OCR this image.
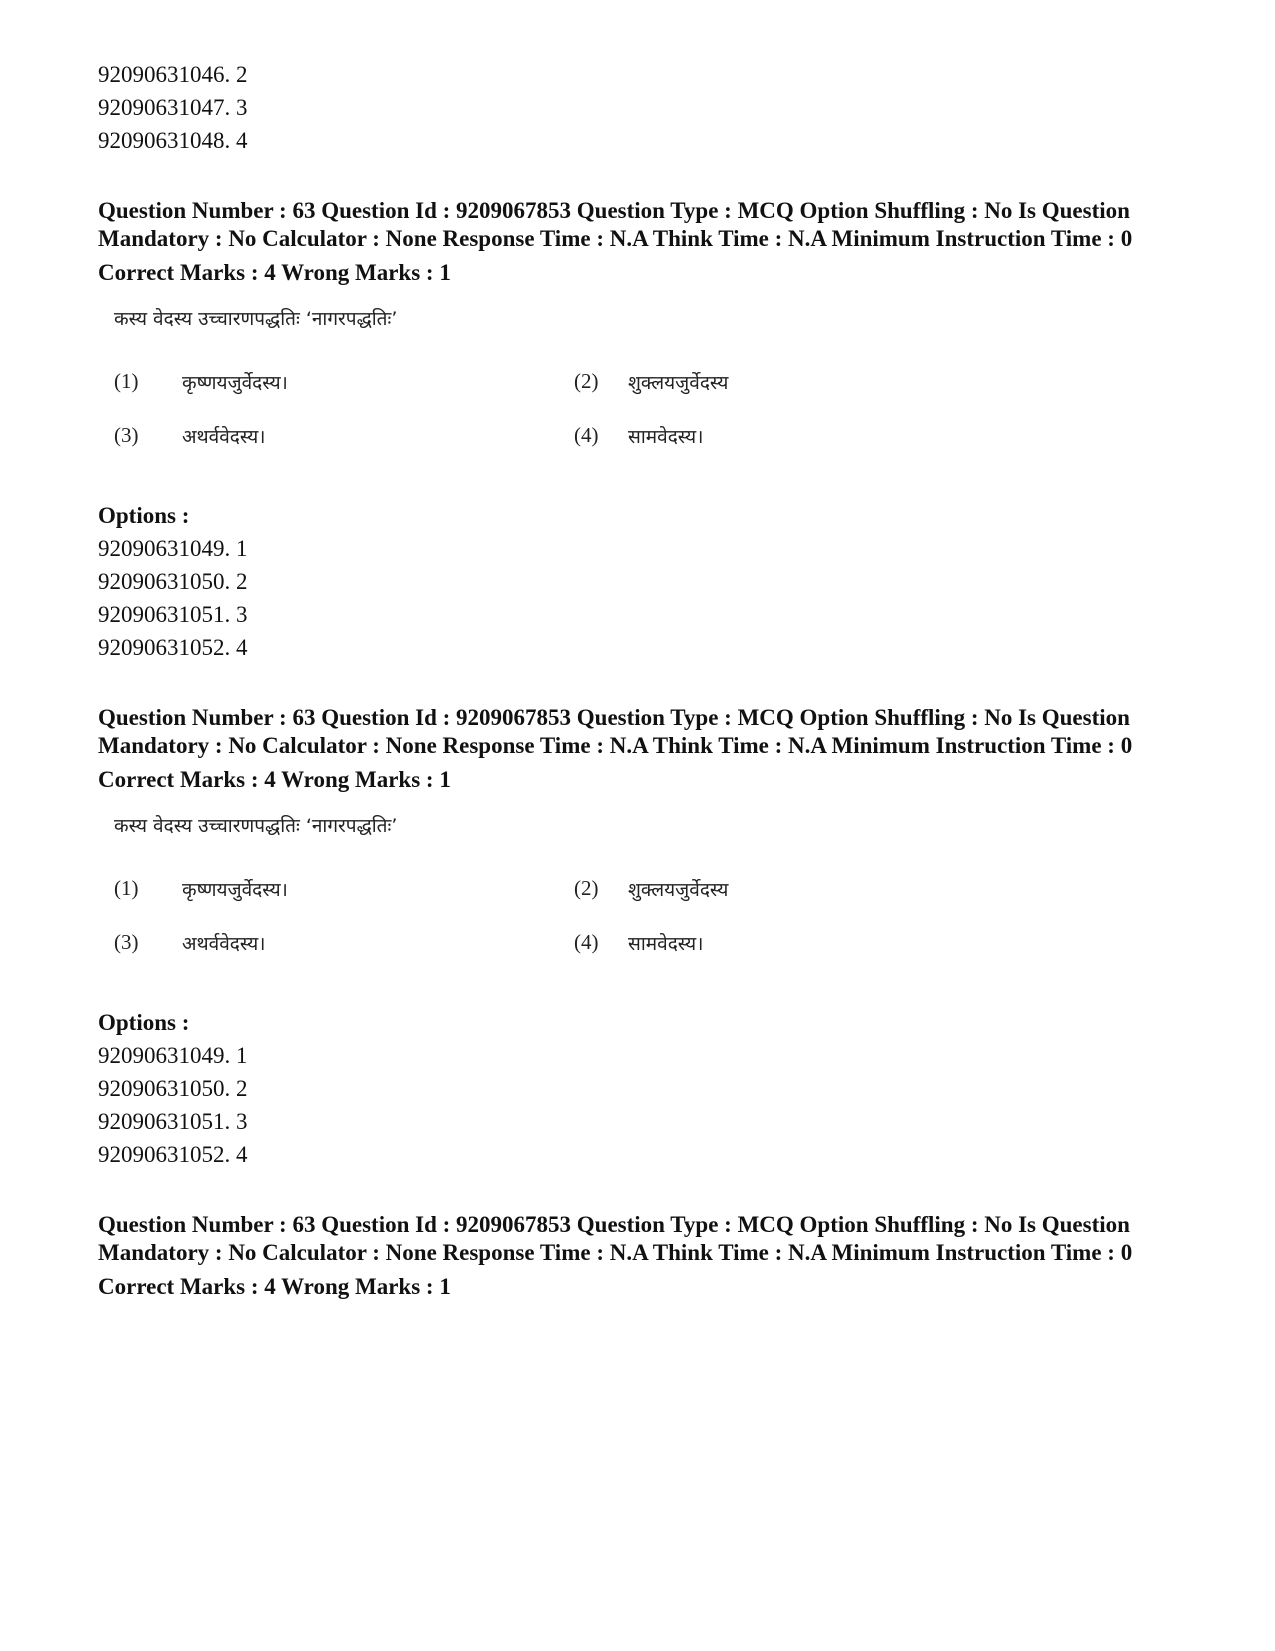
92090631046. 2
92090631047. 3
92090631048. 4
Question Number : 63 Question Id : 9209067853 Question Type : MCQ Option Shuffling : No Is Question Mandatory : No Calculator : None Response Time : N.A Think Time : N.A Minimum Instruction Time : 0
Correct Marks : 4 Wrong Marks : 1
कस्य वेदस्य उच्चारणपद्धतिः ‘नागरपद्धतिः’
(1) कृष्णयजुर्वेदस्य।	(2) शुक्लयजुर्वेदस्य
(3) अथर्ववेदस्य।	(4) सामवेदस्य।
Options :
92090631049. 1
92090631050. 2
92090631051. 3
92090631052. 4
Question Number : 63 Question Id : 9209067853 Question Type : MCQ Option Shuffling : No Is Question Mandatory : No Calculator : None Response Time : N.A Think Time : N.A Minimum Instruction Time : 0
Correct Marks : 4 Wrong Marks : 1
कस्य वेदस्य उच्चारणपद्धतिः ‘नागरपद्धतिः’
(1) कृष्णयजुर्वेदस्य।	(2) शुक्लयजुर्वेदस्य
(3) अथर्ववेदस्य।	(4) सामवेदस्य।
Options :
92090631049. 1
92090631050. 2
92090631051. 3
92090631052. 4
Question Number : 63 Question Id : 9209067853 Question Type : MCQ Option Shuffling : No Is Question Mandatory : No Calculator : None Response Time : N.A Think Time : N.A Minimum Instruction Time : 0
Correct Marks : 4 Wrong Marks : 1
